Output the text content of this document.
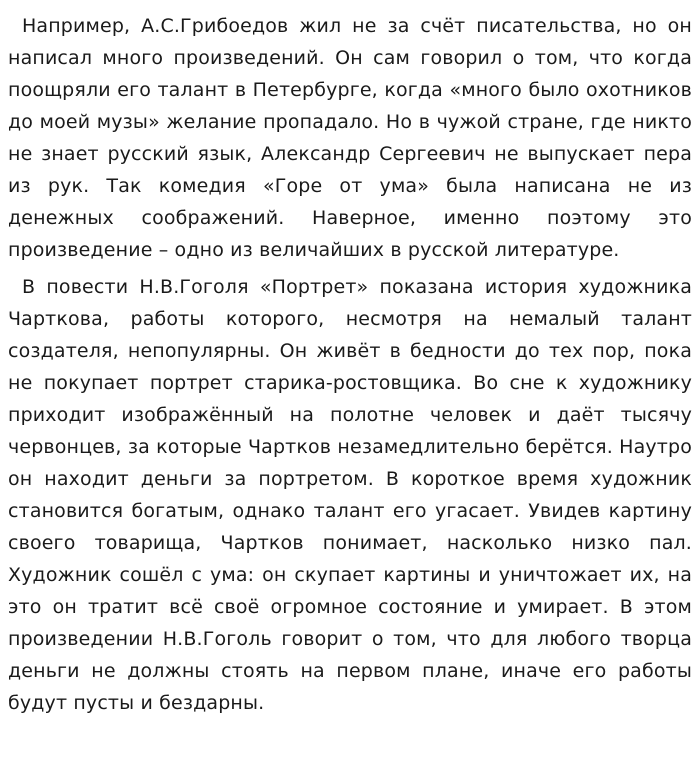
Например, А.С.Грибоедов жил не за счёт писательства, но он написал много произведений. Он сам говорил о том, что когда поощряли его талант в Петербурге, когда «много было охотников до моей музы» желание пропадало. Но в чужой стране, где никто не знает русский язык, Александр Сергеевич не выпускает пера из рук. Так комедия «Горе от ума» была написана не из денежных соображений. Наверное, именно поэтому это произведение – одно из величайших в русской литературе.

В повести Н.В.Гоголя «Портрет» показана история художника Чарткова, работы которого, несмотря на немалый талант создателя, непопулярны. Он живёт в бедности до тех пор, пока не покупает портрет старика-ростовщика. Во сне к художнику приходит изображённый на полотне человек и даёт тысячу червонцев, за которые Чартков незамедлительно берётся. Наутро он находит деньги за портретом. В короткое время художник становится богатым, однако талант его угасает. Увидев картину своего товарища, Чартков понимает, насколько низко пал. Художник сошёл с ума: он скупает картины и уничтожает их, на это он тратит всё своё огромное состояние и умирает. В этом произведении Н.В.Гоголь говорит о том, что для любого творца деньги не должны стоять на первом плане, иначе его работы будут пусты и бездарны.
